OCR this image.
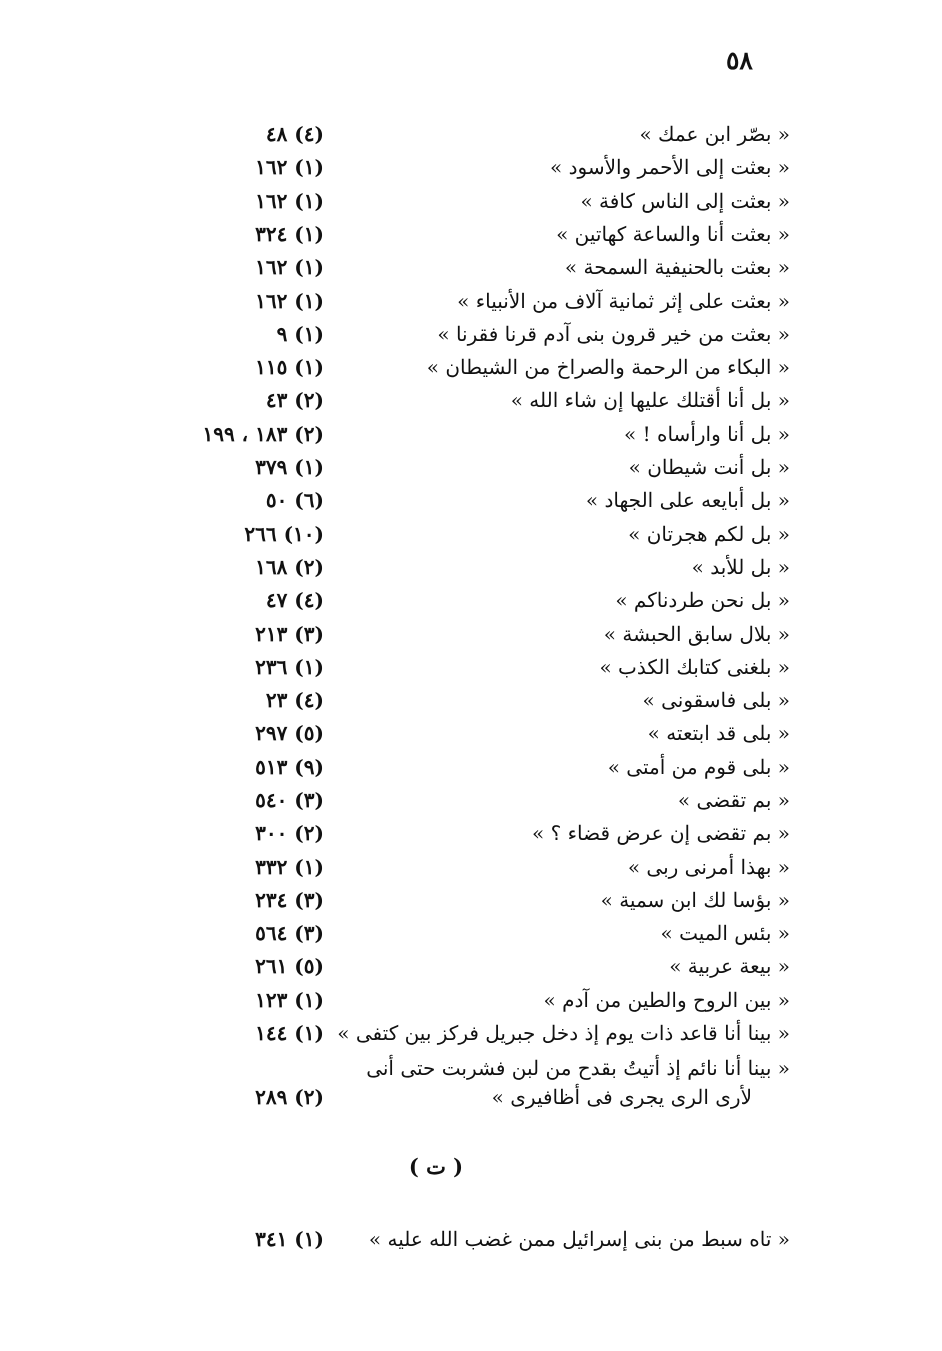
٥٨
« بصّر ابن عمك »
(٤) ٤٨
« بعثت إلى الأحمر والأسود »
(١) ١٦٢
« بعثت إلى الناس كافة »
(١) ١٦٢
« بعثت أنا والساعة كهاتين »
(١) ٣٢٤
« بعثت بالحنيفية السمحة »
(١) ١٦٢
« بعثت على إثر ثمانية آلاف من الأنبياء »
(١) ١٦٢
« بعثت من خير قرون بنى آدم قرنا فقرنا »
(١) ٩
« البكاء من الرحمة والصراخ من الشيطان »
(١) ١١٥
« بل أنا أقتلك عليها إن شاء الله »
(٢) ٤٣
« بل أنا وارأساه ! »
(٢) ١٨٣ ، ١٩٩
« بل أنت شيطان »
(١) ٣٧٩
« بل أبايعه على الجهاد »
(٦) ٥٠
« بل لكم هجرتان »
(١٠) ٢٦٦
« بل للأبد »
(٢) ١٦٨
« بل نحن طردناكم »
(٤) ٤٧
« بلال سابق الحبشة »
(٣) ٢١٣
« بلغنى كتابك الكذب »
(١) ٢٣٦
« بلى فاسقونى »
(٤) ٢٣
« بلى قد ابتعته »
(٥) ٢٩٧
« بلى قوم من أمتى »
(٩) ٥١٣
« بم تقضى »
(٣) ٥٤٠
« بم تقضى إن عرض قضاء ؟ »
(٢) ٣٠٠
« بهذا أمرنى ربى »
(١) ٣٣٢
« بؤسا لك ابن سمية »
(٣) ٢٣٤
« بئس الميت »
(٣) ٥٦٤
« بيعة عربية »
(٥) ٢٦١
« بين الروح والطين من آدم »
(١) ١٢٣
« بينا أنا قاعد ذات يوم إذ دخل جبريل فركز بين كتفى »
(١) ١٤٤
« بينا أنا نائم إذ أتيتُ بقدح من لبن فشربت حتى أنى
لأرى الرى يجرى فى أظافيرى »
(٢) ٢٨٩
( ت )
« تاه سبط من بنى إسرائيل ممن غضب الله عليه »
(١) ٣٤١
